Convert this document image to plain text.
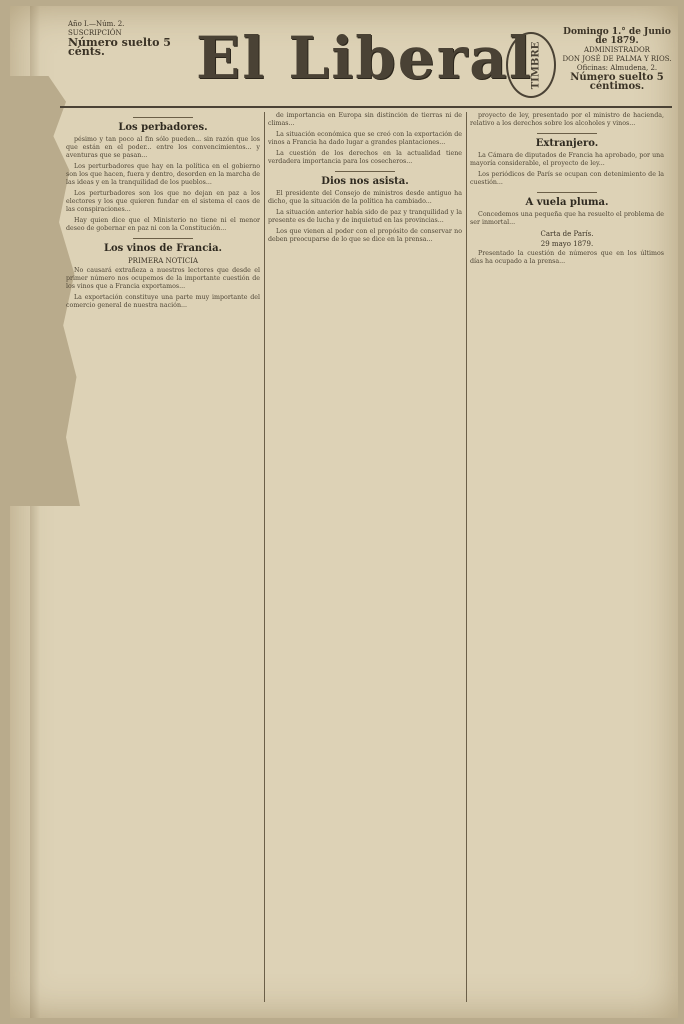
Año I.—Núm. 2.
SUSCRIPCIÓN
Número suelto 5 cénts.	El Liberal
TIMBRE
Domingo 1.° de Junio de 1879.
ADMINISTRADOR
DON JOSÉ DE PALMA Y RIOS.
Oficinas: Almudena, 2.
Número suelto 5 céntimos.
Los perbadores.

pésimo y tan poco al fin sólo pueden... sin razón que los que están en el poder... entre los convencimientos... y aventuras que se pasan...

Los perturbadores que hay en la política en el gobierno son los que hacen, fuera y dentro, desorden en la marcha de las ideas y en la tranquilidad de los pueblos...

Los perturbadores son los que no dejan en paz a los electores y los que quieren fundar en el sistema el caos de las conspiraciones...

Hay quien dice que el Ministerio no tiene ni el menor deseo de gobernar en paz ni con la Constitución...

Los vinos de Francia.
PRIMERA NOTICIA

No causará extrañeza a nuestros lectores que desde el primer número nos ocupemos de la importante cuestión de los vinos que a Francia exportamos...

La exportación constituye una parte muy importante del comercio general de nuestra nación...

de importancia en Europa sin distinción de tierras ni de climas...

La situación económica que se creó con la exportación de vinos a Francia ha dado lugar a grandes plantaciones...

La cuestión de los derechos en la actualidad tiene verdadera importancia para los cosecheros...

Dios nos asista.

El presidente del Consejo de ministros desde antiguo ha dicho, que la situación de la política ha cambiado...

La situación anterior había sido de paz y tranquilidad y la presente es de lucha y de inquietud en las provincias...

Los que vienen al poder con el propósito de conservar no deben preocuparse de lo que se dice en la prensa...

proyecto de ley, presentado por el ministro de hacienda, relativo a los derechos sobre los alcoholes y vinos...

Extranjero.

La Cámara de diputados de Francia ha aprobado, por una mayoría considerable, el proyecto de ley...

Los periódicos de París se ocupan con detenimiento de la cuestión...

A vuela pluma.

Concedemos una pequeña que ha resuelto el problema de ser inmortal...

Carta de París.
29 mayo 1879.

Presentado la cuestión de números que en los últimos días ha ocupado a la prensa...
